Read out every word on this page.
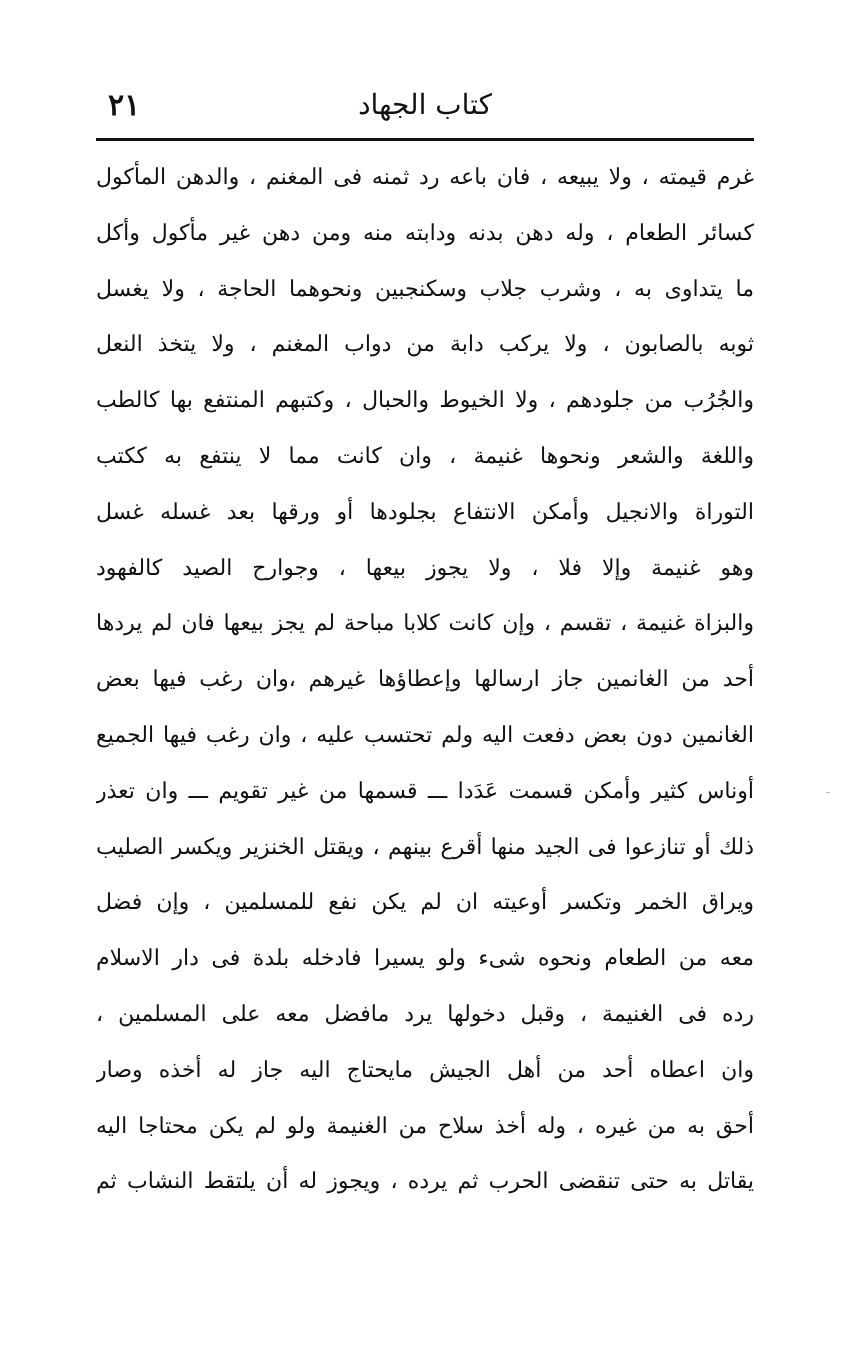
٢١	كتاب الجهاد
غرم قيمته ، ولا يبيعه ، فان باعه رد ثمنه فى المغنم ، والدهن المأكول
كسائر الطعام ، وله دهن بدنه ودابته منه ومن دهن غير مأكول وأكل
ما يتداوى به ، وشرب جلاب وسكنجبين ونحوهما الحاجة ، ولا يغسل
ثوبه بالصابون ، ولا يركب دابة من دواب المغنم ، ولا يتخذ النعل
والجُرُب من جلودهم ، ولا الخيوط والحبال ، وكتبهم المنتفع بها كالطب
واللغة والشعر ونحوها غنيمة ، وان كانت مما لا ينتفع به ككتب
التوراة والانجيل وأمكن الانتفاع بجلودها أو ورقها بعد غسله غسل
وهو غنيمة وإلا فلا ، ولا يجوز بيعها ، وجوارح الصيد كالفهود
والبزاة غنيمة ، تقسم ، وإن كانت كلابا مباحة لم يجز بيعها فان لم يردها
أحد من الغانمين جاز ارسالها وإعطاؤها غيرهم ،وان رغب فيها بعض
الغانمين دون بعض دفعت اليه ولم تحتسب عليه ، وان رغب فيها الجميع
أوناس كثير وأمكن قسمت عَدَدا ـــ قسمها من غير تقويم ـــ وان تعذر
ذلك أو تنازعوا فى الجيد منها أقرع بينهم ، ويقتل الخنزير ويكسر الصليب
ويراق الخمر وتكسر أوعيته ان لم يكن نفع للمسلمين ، وإن فضل
معه من الطعام ونحوه شىء ولو يسيرا فادخله بلدة فى دار الاسلام
رده فى الغنيمة ، وقبل دخولها يرد مافضل معه على المسلمين ،
وان اعطاه أحد من أهل الجيش مايحتاج اليه جاز له أخذه وصار
أحق به من غيره ، وله أخذ سلاح من الغنيمة ولو لم يكن محتاجا اليه
يقاتل به حتى تنقضى الحرب ثم يرده ، ويجوز له أن يلتقط النشاب ثم
